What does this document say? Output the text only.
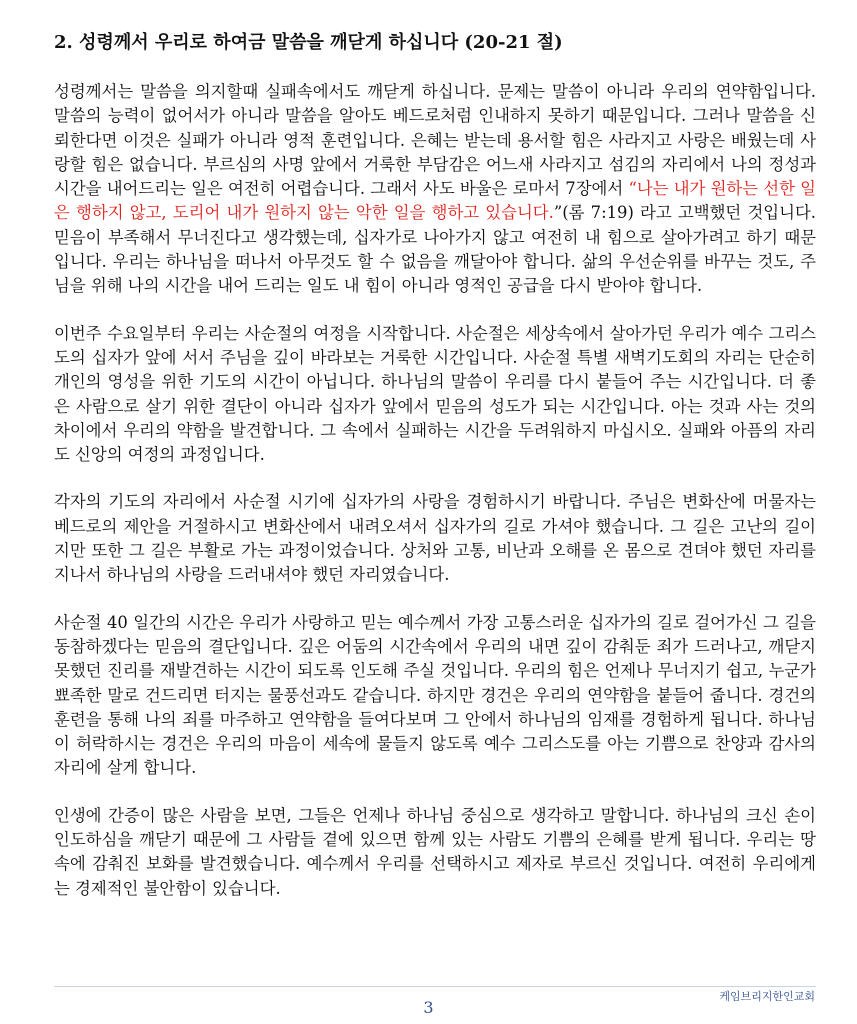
2. 성령께서 우리로 하여금 말씀을 깨닫게 하십니다 (20-21 절)

성령께서는 말씀을 의지할때 실패속에서도 깨닫게 하십니다. 문제는 말씀이 아니라 우리의 연약함입니다. 말씀의 능력이 없어서가 아니라 말씀을 알아도 베드로처럼 인내하지 못하기 때문입니다. 그러나 말씀을 신뢰한다면 이것은 실패가 아니라 영적 훈련입니다. 은혜는 받는데 용서할 힘은 사라지고 사랑은 배웠는데 사랑할 힘은 없습니다. 부르심의 사명 앞에서 거룩한 부담감은 어느새 사라지고 섬김의 자리에서 나의 정성과 시간을 내어드리는 일은 여전히 어렵습니다. 그래서 사도 바울은 로마서 7장에서 “나는 내가 원하는 선한 일은 행하지 않고, 도리어 내가 원하지 않는 악한 일을 행하고 있습니다.”(롬 7:19) 라고 고백했던 것입니다. 믿음이 부족해서 무너진다고 생각했는데, 십자가로 나아가지 않고 여전히 내 힘으로 살아가려고 하기 때문입니다. 우리는 하나님을 떠나서 아무것도 할 수 없음을 깨달아야 합니다. 삶의 우선순위를 바꾸는 것도, 주님을 위해 나의 시간을 내어 드리는 일도 내 힘이 아니라 영적인 공급을 다시 받아야 합니다.

이번주 수요일부터 우리는 사순절의 여정을 시작합니다. 사순절은 세상속에서 살아가던 우리가 예수 그리스도의 십자가 앞에 서서 주님을 깊이 바라보는 거룩한 시간입니다. 사순절 특별 새벽기도회의 자리는 단순히 개인의 영성을 위한 기도의 시간이 아닙니다. 하나님의 말씀이 우리를 다시 붙들어 주는 시간입니다. 더 좋은 사람으로 살기 위한 결단이 아니라 십자가 앞에서 믿음의 성도가 되는 시간입니다. 아는 것과 사는 것의 차이에서 우리의 약함을 발견합니다. 그 속에서 실패하는 시간을 두려워하지 마십시오. 실패와 아픔의 자리도 신앙의 여정의 과정입니다.

각자의 기도의 자리에서 사순절 시기에 십자가의 사랑을 경험하시기 바랍니다. 주님은 변화산에 머물자는 베드로의 제안을 거절하시고 변화산에서 내려오셔서 십자가의 길로 가셔야 했습니다. 그 길은 고난의 길이지만 또한 그 길은 부활로 가는 과정이었습니다. 상처와 고통, 비난과 오해를 온 몸으로 견뎌야 했던 자리를 지나서 하나님의 사랑을 드러내셔야 했던 자리였습니다.

사순절 40 일간의 시간은 우리가 사랑하고 믿는 예수께서 가장 고통스러운 십자가의 길로 걸어가신 그 길을 동참하겠다는 믿음의 결단입니다. 깊은 어둠의 시간속에서 우리의 내면 깊이 감춰둔 죄가 드러나고, 깨닫지 못했던 진리를 재발견하는 시간이 되도록 인도해 주실 것입니다. 우리의 힘은 언제나 무너지기 쉽고, 누군가 뾰족한 말로 건드리면 터지는 물풍선과도 같습니다. 하지만 경건은 우리의 연약함을 붙들어 줍니다. 경건의 훈련을 통해 나의 죄를 마주하고 연약함을 들여다보며 그 안에서 하나님의 임재를 경험하게 됩니다. 하나님이 허락하시는 경건은 우리의 마음이 세속에 물들지 않도록 예수 그리스도를 아는 기쁨으로 찬양과 감사의 자리에 살게 합니다.

인생에 간증이 많은 사람을 보면, 그들은 언제나 하나님 중심으로 생각하고 말합니다. 하나님의 크신 손이 인도하심을 깨닫기 때문에 그 사람들 곁에 있으면 함께 있는 사람도 기쁨의 은혜를 받게 됩니다. 우리는 땅속에 감춰진 보화를 발견했습니다. 예수께서 우리를 선택하시고 제자로 부르신 것입니다. 여전히 우리에게는 경제적인 불안함이 있습니다.

케임브리지한인교회
3
